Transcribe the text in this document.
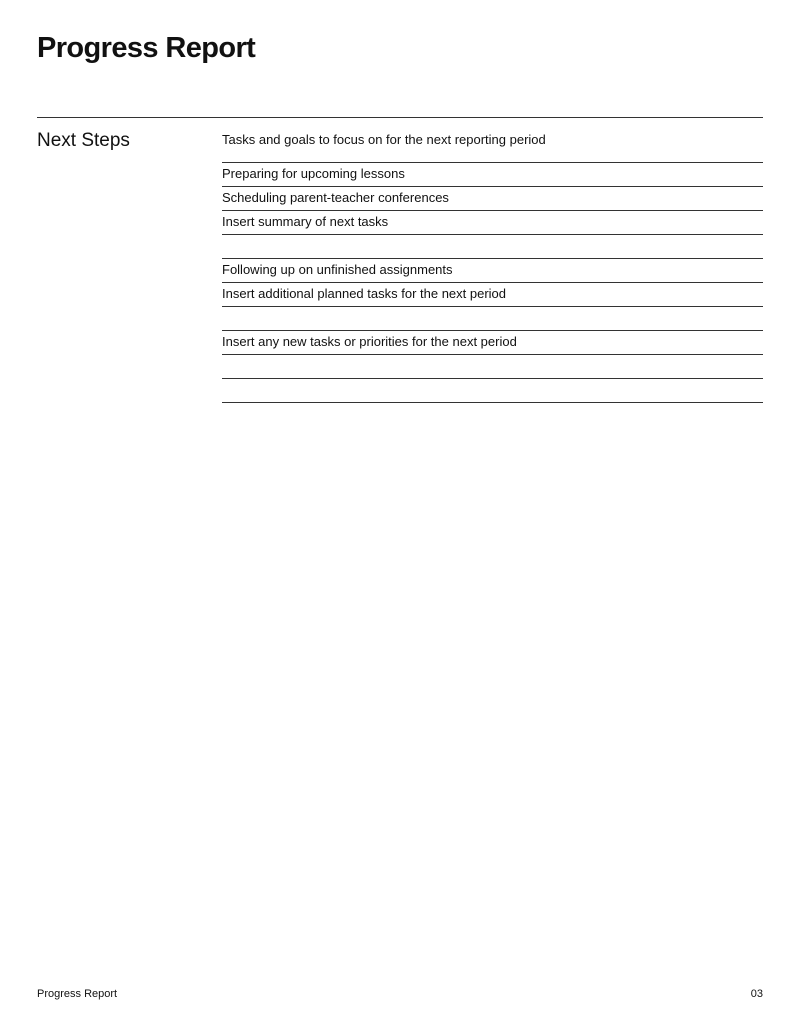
Progress Report
Next Steps	Tasks and goals to focus on for the next reporting period
Preparing for upcoming lessons
Scheduling parent-teacher conferences
Insert summary of next tasks
Following up on unfinished assignments
Insert additional planned tasks for the next period
Insert any new tasks or priorities for the next period
Progress Report	03
